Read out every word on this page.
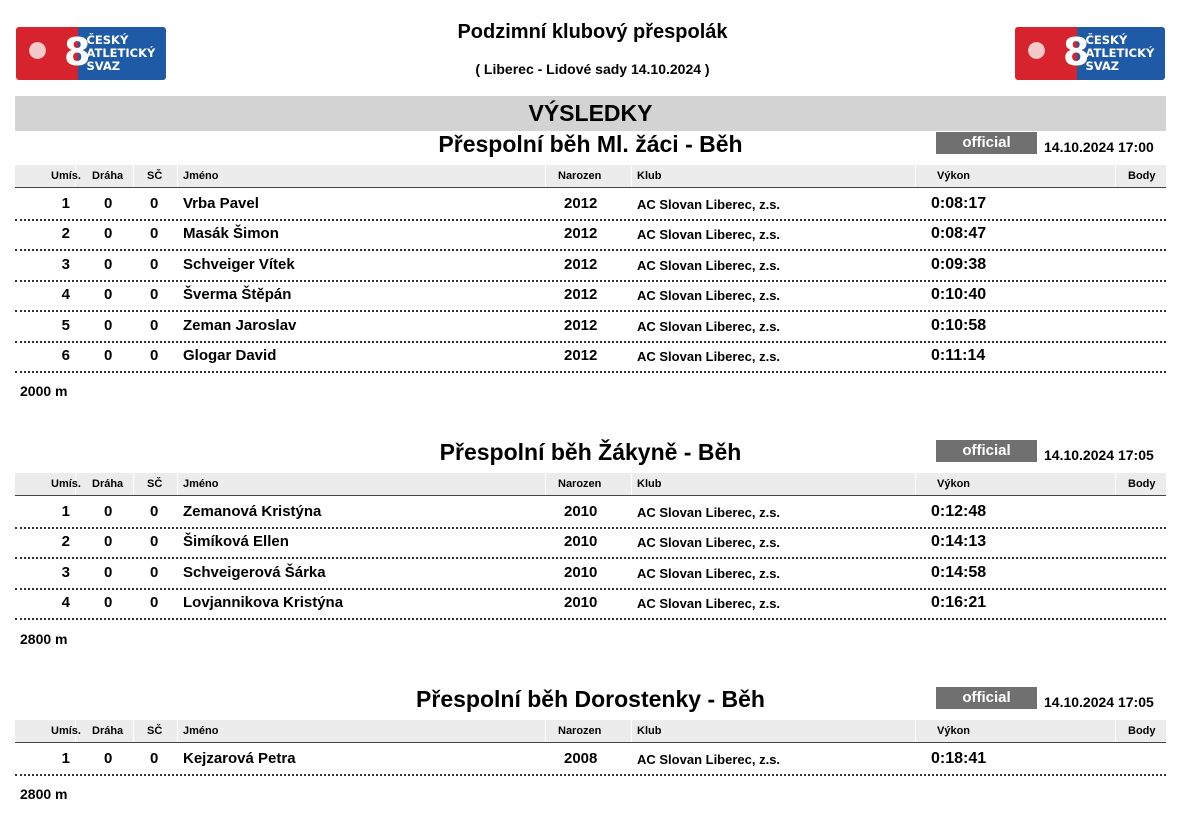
8
ČESKÝ
ATLETICKÝ
SVAZ	8
ČESKÝ
ATLETICKÝ
SVAZ
Podzimní klubový přespolák
( Liberec - Lidové sady 14.10.2024 )
VÝSLEDKY
Přespolní běh Ml. žáci - Běh	official	14.10.2024 17:00
Umís. Dráha SČ Jméno	Narozen	Klub	Výkon	Body
1 0	0 Vrba Pavel	2012	AC Slovan Liberec, z.s.	0:08:17
2 0	0 Masák Šimon	2012	AC Slovan Liberec, z.s.	0:08:47
3 0	0 Schveiger Vítek	2012	AC Slovan Liberec, z.s.	0:09:38
4 0	0 Šverma Štěpán	2012	AC Slovan Liberec, z.s.	0:10:40
5 0	0 Zeman Jaroslav	2012	AC Slovan Liberec, z.s.	0:10:58
6 0	0 Glogar David	2012	AC Slovan Liberec, z.s.	0:11:14
2000 m
Přespolní běh Žákyně - Běh	official	14.10.2024 17:05
Umís. Dráha SČ Jméno	Narozen	Klub	Výkon	Body
1 0	0 Zemanová Kristýna	2010	AC Slovan Liberec, z.s.	0:12:48
2 0	0 Šimíková Ellen	2010	AC Slovan Liberec, z.s.	0:14:13
3 0	0 Schveigerová Šárka	2010	AC Slovan Liberec, z.s.	0:14:58
4 0	0 Lovjannikova Kristýna	2010	AC Slovan Liberec, z.s.	0:16:21
2800 m
Přespolní běh Dorostenky - Běh	official	14.10.2024 17:05
Umís. Dráha SČ Jméno	Narozen	Klub	Výkon	Body
1 0	0 Kejzarová Petra	2008	AC Slovan Liberec, z.s.	0:18:41
2800 m
